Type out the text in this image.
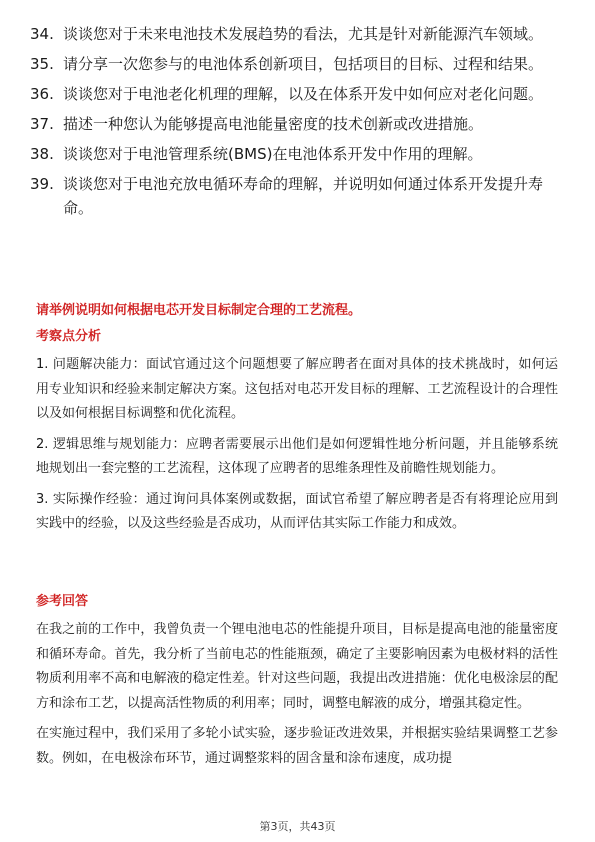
34. 谈谈您对于未来电池技术发展趋势的看法，尤其是针对新能源汽车领域。
35. 请分享一次您参与的电池体系创新项目，包括项目的目标、过程和结果。
36. 谈谈您对于电池老化机理的理解，以及在体系开发中如何应对老化问题。
37. 描述一种您认为能够提高电池能量密度的技术创新或改进措施。
38. 谈谈您对于电池管理系统(BMS)在电池体系开发中作用的理解。
39. 谈谈您对于电池充放电循环寿命的理解，并说明如何通过体系开发提升寿命。
请举例说明如何根据电芯开发目标制定合理的工艺流程。
考察点分析
1. 问题解决能力：面试官通过这个问题想要了解应聘者在面对具体的技术挑战时，如何运用专业知识和经验来制定解决方案。这包括对电芯开发目标的理解、工艺流程设计的合理性以及如何根据目标调整和优化流程。
2. 逻辑思维与规划能力：应聘者需要展示出他们是如何逻辑性地分析问题，并且能够系统地规划出一套完整的工艺流程，这体现了应聘者的思维条理性及前瞻性规划能力。
3. 实际操作经验：通过询问具体案例或数据，面试官希望了解应聘者是否有将理论应用到实践中的经验，以及这些经验是否成功，从而评估其实际工作能力和成效。
参考回答
在我之前的工作中，我曾负责一个锂电池电芯的性能提升项目，目标是提高电池的能量密度和循环寿命。首先，我分析了当前电芯的性能瓶颈，确定了主要影响因素为电极材料的活性物质利用率不高和电解液的稳定性差。针对这些问题，我提出改进措施：优化电极涂层的配方和涂布工艺，以提高活性物质的利用率；同时，调整电解液的成分，增强其稳定性。
在实施过程中，我们采用了多轮小试实验，逐步验证改进效果，并根据实验结果调整工艺参数。例如，在电极涂布环节，通过调整浆料的固含量和涂布速度，成功提
第3页，共43页
